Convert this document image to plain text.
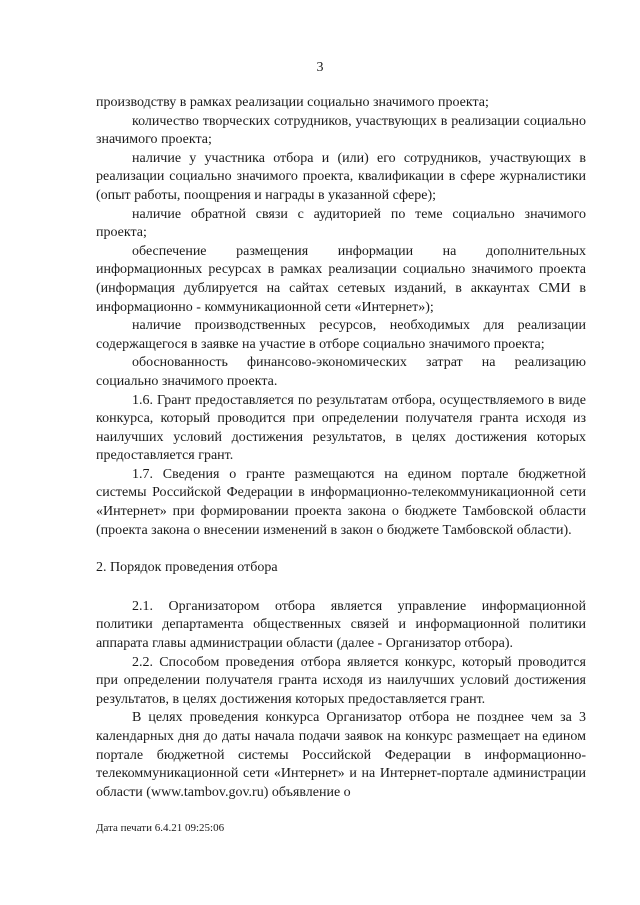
3

производству в рамках реализации социально значимого проекта;

количество творческих сотрудников, участвующих в реализации социально значимого проекта;

наличие у участника отбора и (или) его сотрудников, участвующих в реализации социально значимого проекта, квалификации в сфере журналистики (опыт работы, поощрения и награды в указанной сфере);

наличие обратной связи с аудиторией по теме социально значимого проекта;

обеспечение размещения информации на дополнительных информационных ресурсах в рамках реализации социально значимого проекта (информация дублируется на сайтах сетевых изданий, в аккаунтах СМИ в информационно - коммуникационной сети «Интернет»);

наличие производственных ресурсов, необходимых для реализации содержащегося в заявке на участие в отборе социально значимого проекта;

обоснованность финансово-экономических затрат на реализацию социально значимого проекта.

1.6. Грант предоставляется по результатам отбора, осуществляемого в виде конкурса, который проводится при определении получателя гранта исходя из наилучших условий достижения результатов, в целях достижения которых предоставляется грант.

1.7. Сведения о гранте размещаются на едином портале бюджетной системы Российской Федерации в информационно-телекоммуникационной сети «Интернет» при формировании проекта закона о бюджете Тамбовской области (проекта закона о внесении изменений в закон о бюджете Тамбовской области).

2. Порядок проведения отбора

2.1. Организатором отбора является управление информационной политики департамента общественных связей и информационной политики аппарата главы администрации области (далее - Организатор отбора).

2.2. Способом проведения отбора является конкурс, который проводится при определении получателя гранта исходя из наилучших условий достижения результатов, в целях достижения которых предоставляется грант.

В целях проведения конкурса Организатор отбора не позднее чем за 3 календарных дня до даты начала подачи заявок на конкурс размещает на едином портале бюджетной системы Российской Федерации в информационно-телекоммуникационной сети «Интернет» и на Интернет-портале администрации области (www.tambov.gov.ru) объявление о

Дата печати 6.4.21 09:25:06
